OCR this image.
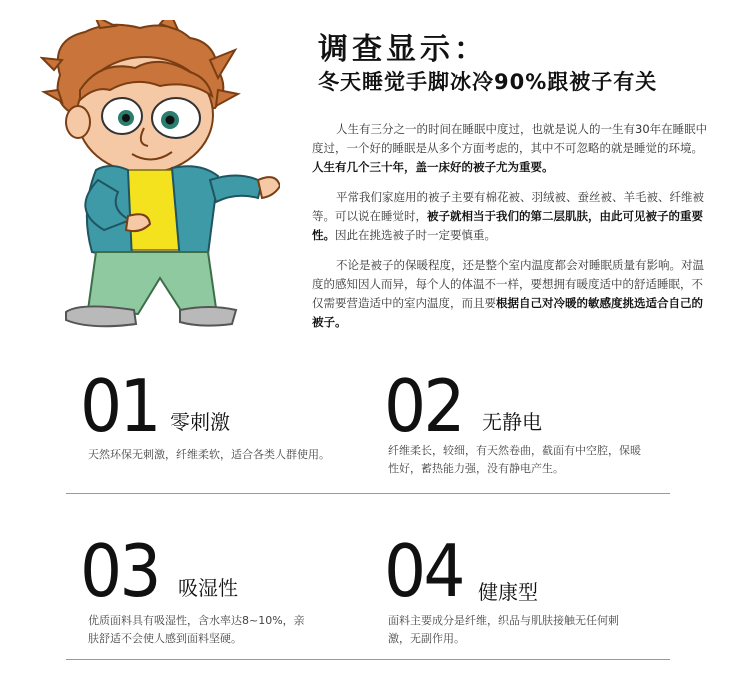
调查显示：
冬天睡觉手脚冰冷90%跟被子有关
人生有三分之一的时间在睡眠中度过，也就是说人的一生有30年在睡眠中度过，一个好的睡眠是从多个方面考虑的，其中不可忽略的就是睡觉的环境。人生有几个三十年，盖一床好的被子尤为重要。
平常我们家庭用的被子主要有棉花被、羽绒被、蚕丝被、羊毛被、纤维被等。可以说在睡觉时，被子就相当于我们的第二层肌肤，由此可见被子的重要性。因此在挑选被子时一定要慎重。
不论是被子的保暖程度，还是整个室内温度都会对睡眠质量有影响。对温度的感知因人而异，每个人的体温不一样，要想拥有暖度适中的舒适睡眠，不仅需要营造适中的室内温度，而且要根据自己对冷暖的敏感度挑选适合自己的被子。
01 零刺激
天然环保无刺激，纤维柔软，适合各类人群使用。
02 无静电
纤维柔长，较细，有天然卷曲，截面有中空腔，保暖性好，蓄热能力强，没有静电产生。
03 吸湿性
优质面料具有吸湿性，含水率达8~10%，亲肤舒适不会使人感到面料坚硬。
04 健康型
面料主要成分是纤维，织品与肌肤接触无任何刺激，无副作用。
